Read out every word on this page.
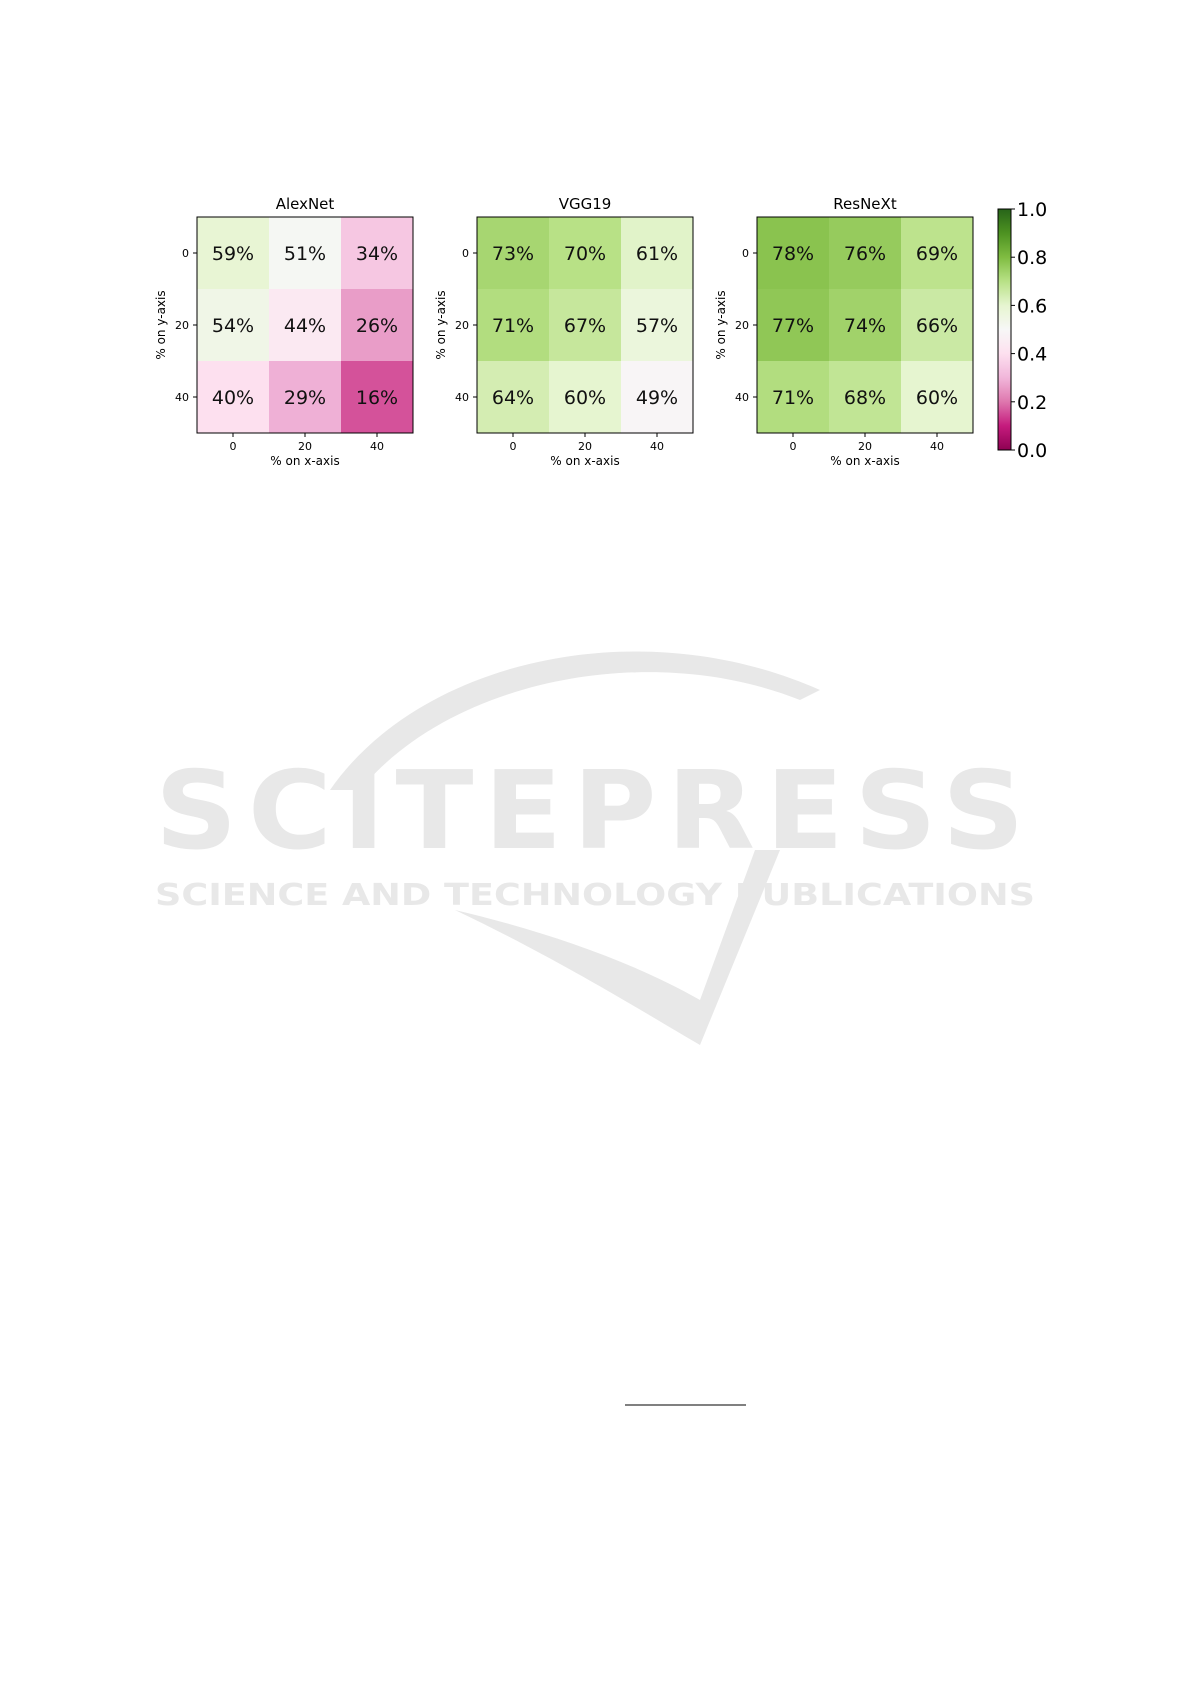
SCITEPRESS
SCIENCE AND TECHNOLOGY PUBLICATIONS
AlexNet
59% 51% 34%
54% 44% 26%
40% 29% 16%
0
0
20
20
40
40
% on x-axis
% on y-axis
VGG19
73% 70% 61%
71% 67% 57%
64% 60% 49%
0
0
20
20
40
40
% on x-axis
% on y-axis
ResNeXt
78% 76% 69%
77% 74% 66%
71% 68% 60%
0
0
20
20
40
40
% on x-axis
% on y-axis
0.0
0.2
0.4
0.6
0.8
1.0
